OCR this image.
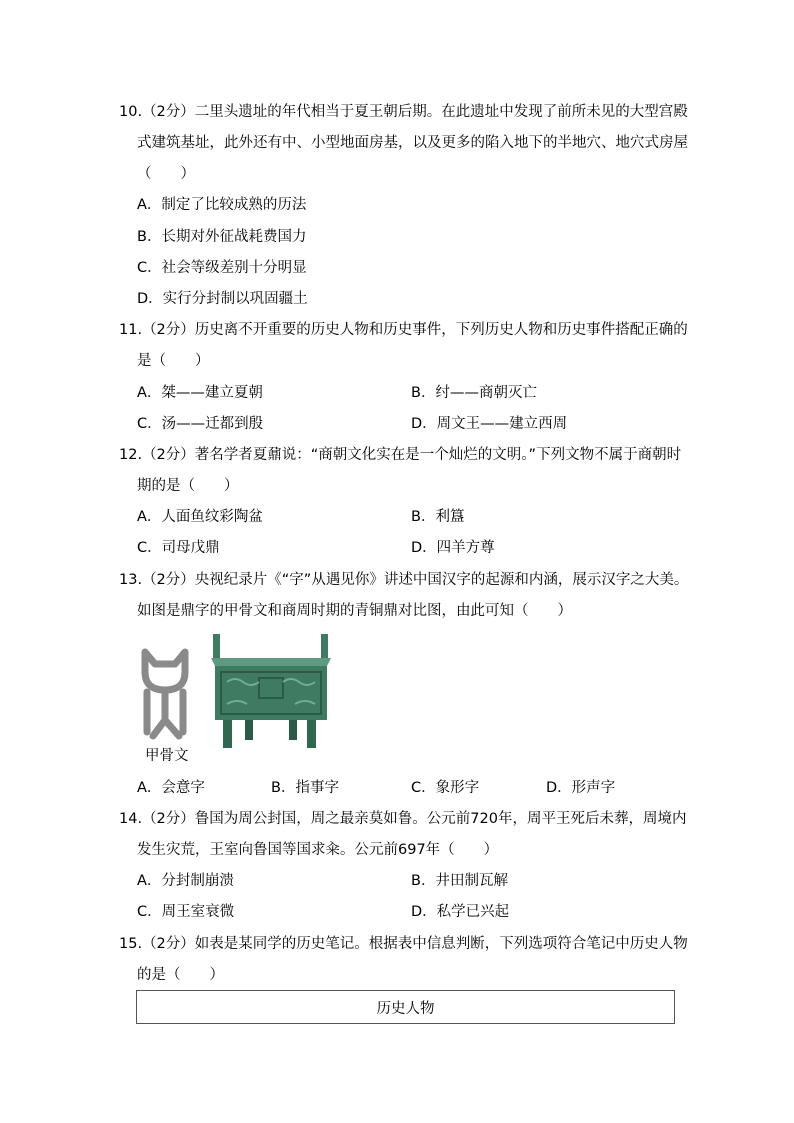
10.（2分）二里头遗址的年代相当于夏王朝后期。在此遗址中发现了前所未见的大型宫殿
式建筑基址，此外还有中、小型地面房基，以及更多的陷入地下的半地穴、地穴式房屋
（　　）
A．制定了比较成熟的历法
B．长期对外征战耗费国力
C．社会等级差别十分明显
D．实行分封制以巩固疆土
11.（2分）历史离不开重要的历史人物和历史事件，下列历史人物和历史事件搭配正确的
是（　　）
A．桀——建立夏朝	B．纣——商朝灭亡
C．汤——迁都到殷	D．周文王——建立西周
12.（2分）著名学者夏鼐说：“商朝文化实在是一个灿烂的文明。”下列文物不属于商朝时
期的是（　　）
A．人面鱼纹彩陶盆	B．利簋
C．司母戊鼎	D．四羊方尊
13.（2分）央视纪录片《“字”从遇见你》讲述中国汉字的起源和内涵，展示汉字之大美。
如图是鼎字的甲骨文和商周时期的青铜鼎对比图，由此可知（　　）
甲骨文
A．会意字	B．指事字	C．象形字	D．形声字
14.（2分）鲁国为周公封国，周之最亲莫如鲁。公元前720年，周平王死后未葬，周境内
发生灾荒，王室向鲁国等国求籴。公元前697年（　　）
A．分封制崩溃	B．井田制瓦解
C．周王室衰微	D．私学已兴起
15.（2分）如表是某同学的历史笔记。根据表中信息判断，下列选项符合笔记中历史人物
的是（　　）
历史人物
